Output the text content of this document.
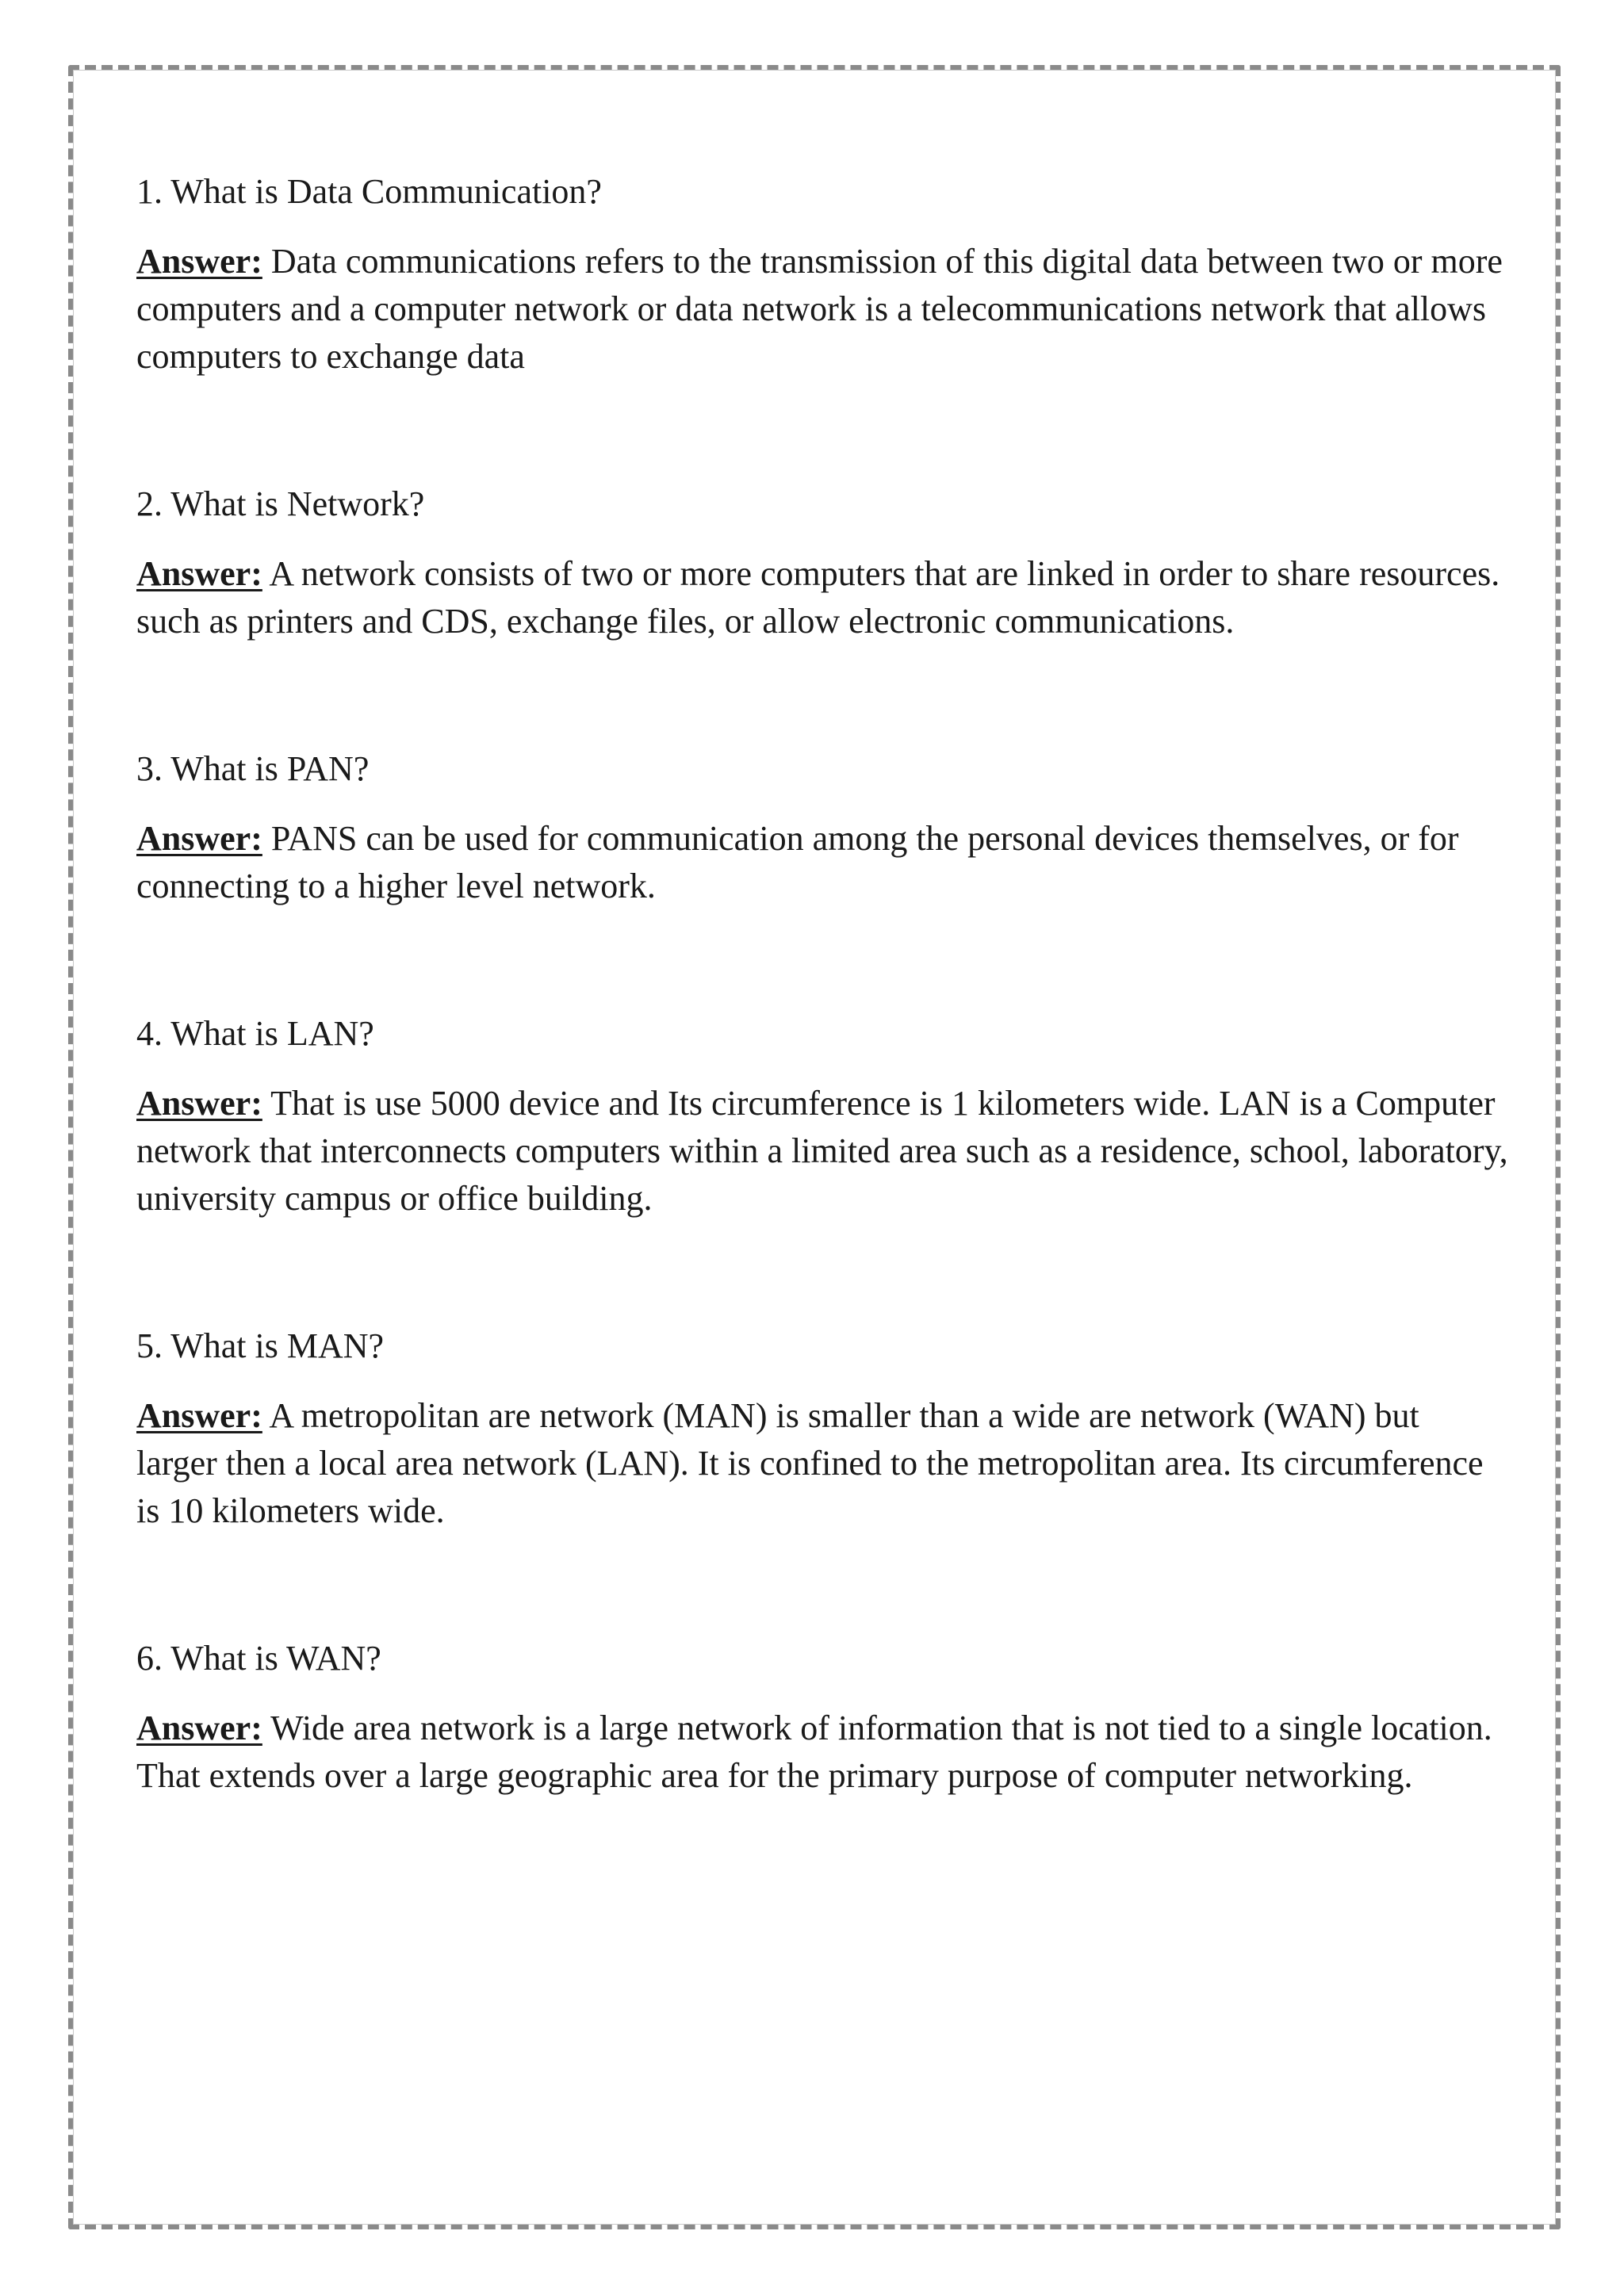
1. What is Data Communication?

Answer: Data communications refers to the transmission of this digital data between two or more computers and a computer network or data network is a telecommunications network that allows computers to exchange data

2. What is Network?

Answer: A network consists of two or more computers that are linked in order to share resources. such as printers and CDS, exchange files, or allow electronic communications.

3. What is PAN?

Answer: PANS can be used for communication among the personal devices themselves, or for connecting to a higher level network.

4. What is LAN?

Answer: That is use 5000 device and Its circumference is 1 kilometers wide. LAN is a Computer network that interconnects computers within a limited area such as a residence, school, laboratory, university campus or office building.

5. What is MAN?

Answer: A metropolitan are network (MAN) is smaller than a wide are network (WAN) but larger then a local area network (LAN). It is confined to the metropolitan area. Its circumference is 10 kilometers wide.

6. What is WAN?

Answer: Wide area network is a large network of information that is not tied to a single location. That extends over a large geographic area for the primary purpose of computer networking.
